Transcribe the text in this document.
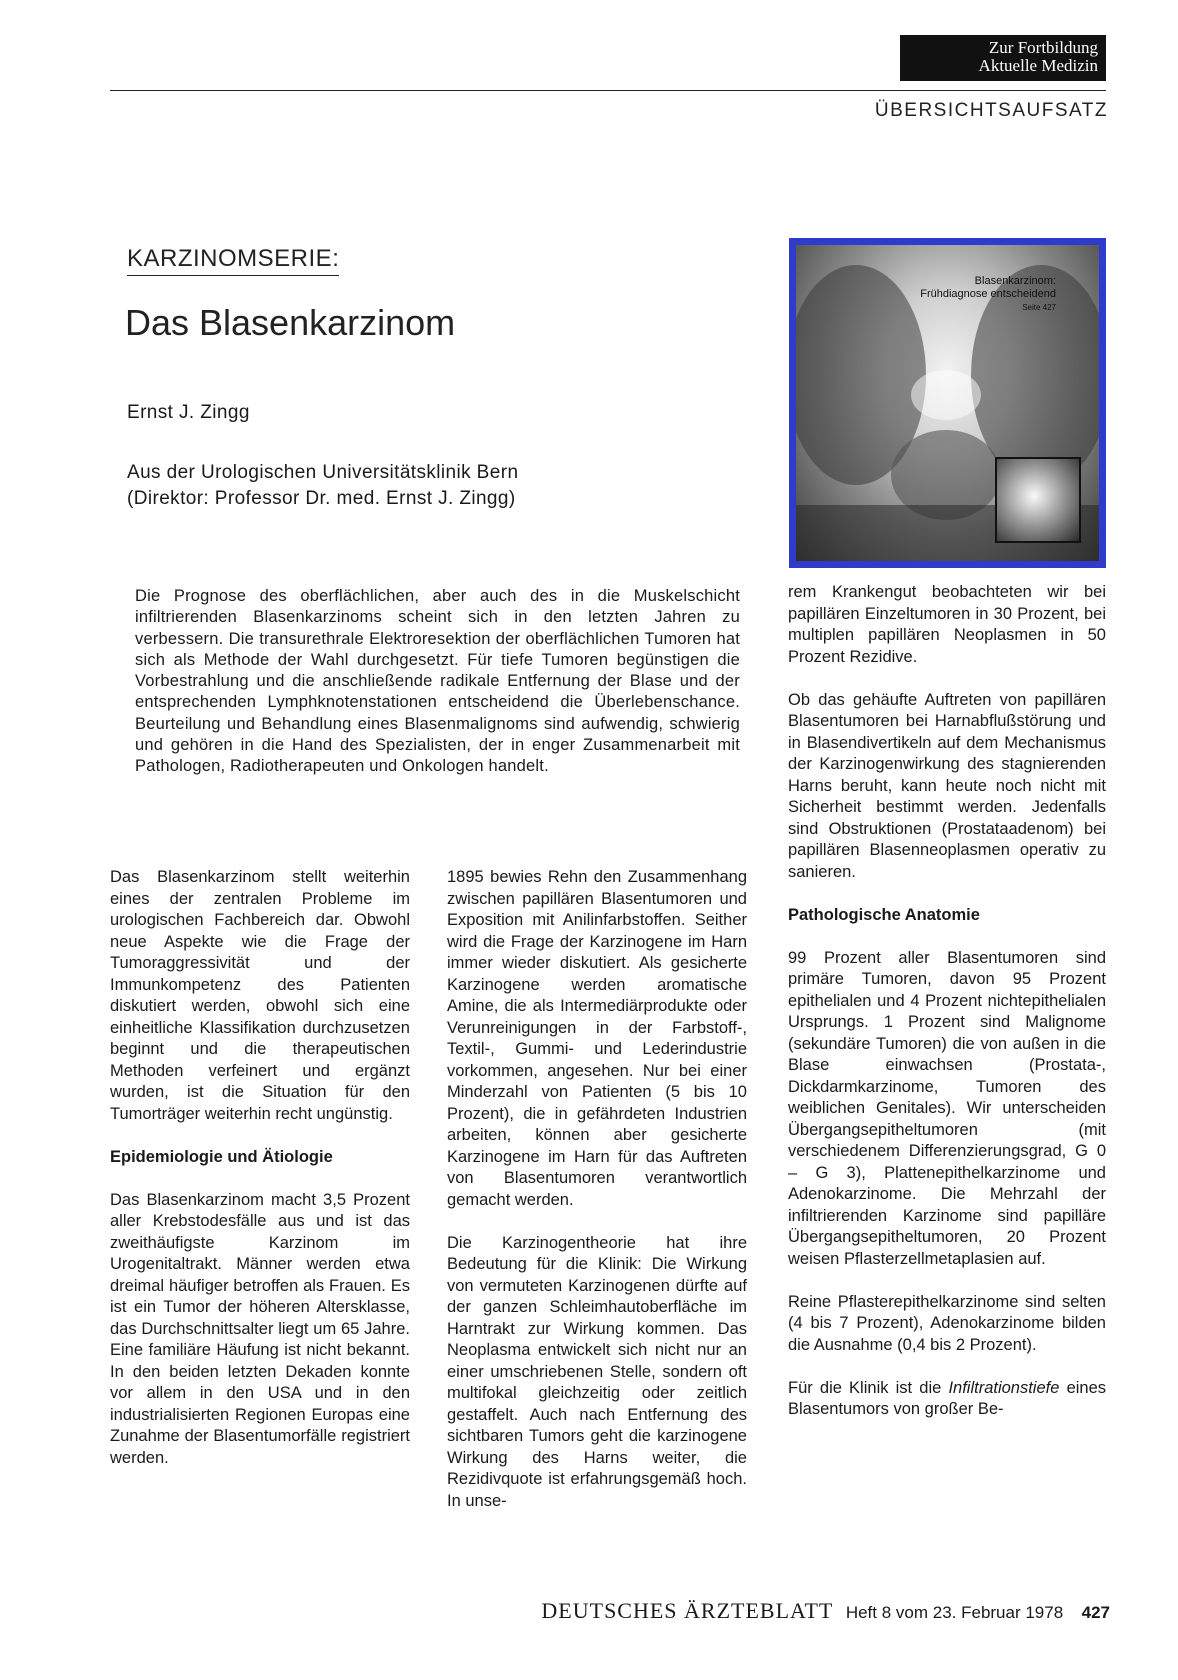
Zur Fortbildung
Aktuelle Medizin
ÜBERSICHTSAUFSATZ
KARZINOMSERIE:
Das Blasenkarzinom
Ernst J. Zingg
Aus der Urologischen Universitätsklinik Bern
(Direktor: Professor Dr. med. Ernst J. Zingg)
Blasenkarzinom:
Frühdiagnose entscheidend
Seite 427
Die Prognose des oberflächlichen, aber auch des in die Muskelschicht infiltrierenden Blasenkarzinoms scheint sich in den letzten Jahren zu verbessern. Die transurethrale Elektroresektion der oberflächlichen Tumoren hat sich als Methode der Wahl durchgesetzt. Für tiefe Tumoren begünstigen die Vorbestrahlung und die anschließende radikale Entfernung der Blase und der entsprechenden Lymphknotenstationen entscheidend die Überlebenschance. Beurteilung und Behandlung eines Blasenmalignoms sind aufwendig, schwierig und gehören in die Hand des Spezialisten, der in enger Zusammenarbeit mit Pathologen, Radiotherapeuten und Onkologen handelt.

Das Blasenkarzinom stellt weiterhin eines der zentralen Probleme im urologischen Fachbereich dar. Obwohl neue Aspekte wie die Frage der Tumoraggressivität und der Immunkompetenz des Patienten diskutiert werden, obwohl sich eine einheitliche Klassifikation durchzusetzen beginnt und die therapeutischen Methoden verfeinert und ergänzt wurden, ist die Situation für den Tumorträger weiterhin recht ungünstig.

Epidemiologie und Ätiologie

Das Blasenkarzinom macht 3,5 Prozent aller Krebstodesfälle aus und ist das zweithäufigste Karzinom im Urogenitaltrakt. Männer werden etwa dreimal häufiger betroffen als Frauen. Es ist ein Tumor der höheren Altersklasse, das Durchschnittsalter liegt um 65 Jahre. Eine familiäre Häufung ist nicht bekannt. In den beiden letzten Dekaden konnte vor allem in den USA und in den industrialisierten Regionen Europas eine Zunahme der Blasentumorfälle registriert werden.

1895 bewies Rehn den Zusammenhang zwischen papillären Blasentumoren und Exposition mit Anilinfarbstoffen. Seither wird die Frage der Karzinogene im Harn immer wieder diskutiert. Als gesicherte Karzinogene werden aromatische Amine, die als Intermediärprodukte oder Verunreinigungen in der Farbstoff-, Textil-, Gummi- und Lederindustrie vorkommen, angesehen. Nur bei einer Minderzahl von Patienten (5 bis 10 Prozent), die in gefährdeten Industrien arbeiten, können aber gesicherte Karzinogene im Harn für das Auftreten von Blasentumoren verantwortlich gemacht werden.

Die Karzinogentheorie hat ihre Bedeutung für die Klinik: Die Wirkung von vermuteten Karzinogenen dürfte auf der ganzen Schleimhautoberfläche im Harntrakt zur Wirkung kommen. Das Neoplasma entwickelt sich nicht nur an einer umschriebenen Stelle, sondern oft multifokal gleichzeitig oder zeitlich gestaffelt. Auch nach Entfernung des sichtbaren Tumors geht die karzinogene Wirkung des Harns weiter, die Rezidivquote ist erfahrungsgemäß hoch. In unse-

rem Krankengut beobachteten wir bei papillären Einzeltumoren in 30 Prozent, bei multiplen papillären Neoplasmen in 50 Prozent Rezidive.

Ob das gehäufte Auftreten von papillären Blasentumoren bei Harnabflußstörung und in Blasendivertikeln auf dem Mechanismus der Karzinogenwirkung des stagnierenden Harns beruht, kann heute noch nicht mit Sicherheit bestimmt werden. Jedenfalls sind Obstruktionen (Prostataadenom) bei papillären Blasenneoplasmen operativ zu sanieren.

Pathologische Anatomie

99 Prozent aller Blasentumoren sind primäre Tumoren, davon 95 Prozent epithelialen und 4 Prozent nichtepithelialen Ursprungs. 1 Prozent sind Malignome (sekundäre Tumoren) die von außen in die Blase einwachsen (Prostata-, Dickdarmkarzinome, Tumoren des weiblichen Genitales). Wir unterscheiden Übergangsepitheltumoren (mit verschiedenem Differenzierungsgrad, G 0 – G 3), Plattenepithelkarzinome und Adenokarzinome. Die Mehrzahl der infiltrierenden Karzinome sind papilläre Übergangsepitheltumoren, 20 Prozent weisen Pflasterzellmetaplasien auf.

Reine Pflasterepithelkarzinome sind selten (4 bis 7 Prozent), Adenokarzinome bilden die Ausnahme (0,4 bis 2 Prozent).

Für die Klinik ist die Infiltrationstiefe eines Blasentumors von großer Be-

DEUTSCHES ÄRZTEBLATT Heft 8 vom 23. Februar 1978 427
